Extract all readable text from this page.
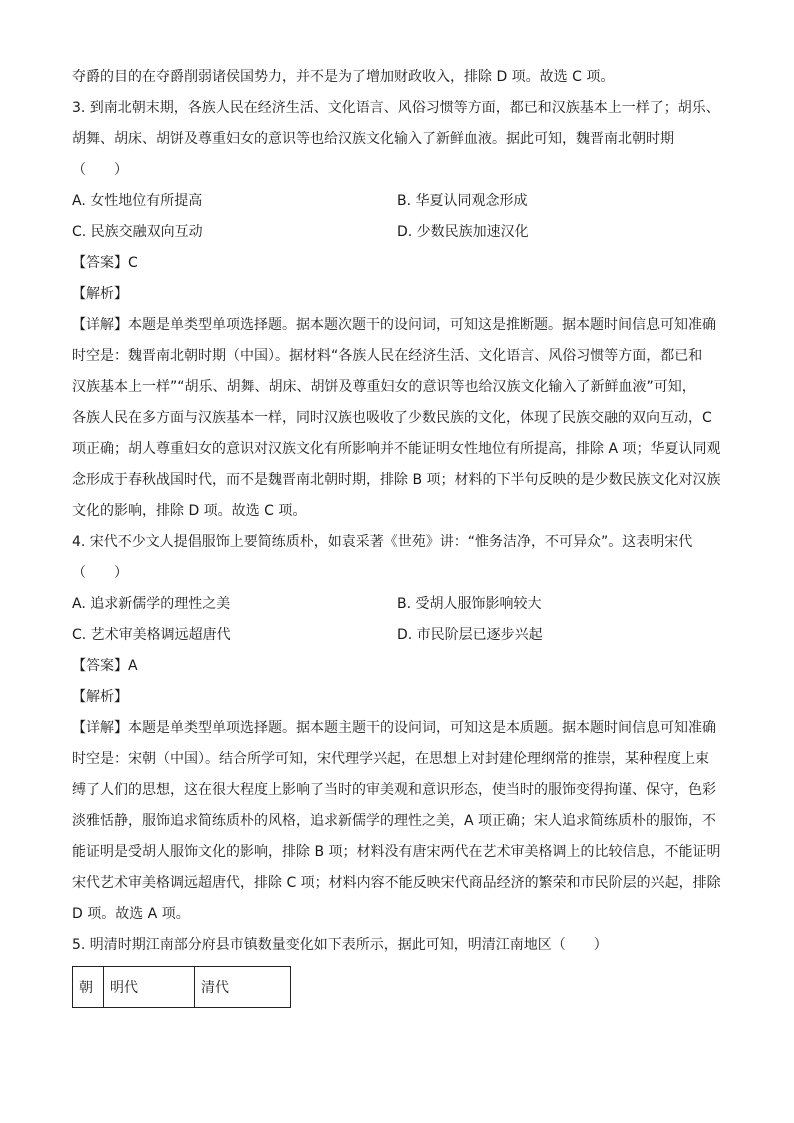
夺爵的目的在夺爵削弱诸侯国势力，并不是为了增加财政收入，排除 D 项。故选 C 项。
3. 到南北朝末期，各族人民在经济生活、文化语言、风俗习惯等方面，都已和汉族基本上一样了；胡乐、
胡舞、胡床、胡饼及尊重妇女的意识等也给汉族文化输入了新鲜血液。据此可知，魏晋南北朝时期
（　　）
A. 女性地位有所提高	B. 华夏认同观念形成
C. 民族交融双向互动	D. 少数民族加速汉化
【答案】C
【解析】
【详解】本题是单类型单项选择题。据本题次题干的设问词，可知这是推断题。据本题时间信息可知准确
时空是：魏晋南北朝时期（中国）。据材料“各族人民在经济生活、文化语言、风俗习惯等方面，都已和
汉族基本上一样”“胡乐、胡舞、胡床、胡饼及尊重妇女的意识等也给汉族文化输入了新鲜血液”可知，
各族人民在多方面与汉族基本一样，同时汉族也吸收了少数民族的文化，体现了民族交融的双向互动，C
项正确；胡人尊重妇女的意识对汉族文化有所影响并不能证明女性地位有所提高，排除 A 项；华夏认同观
念形成于春秋战国时代，而不是魏晋南北朝时期，排除 B 项；材料的下半句反映的是少数民族文化对汉族
文化的影响，排除 D 项。故选 C 项。
4. 宋代不少文人提倡服饰上要简练质朴，如袁采著《世苑》讲：“惟务洁净，不可异众”。这表明宋代
（　　）
A. 追求新儒学的理性之美	B. 受胡人服饰影响较大
C. 艺术审美格调远超唐代	D. 市民阶层已逐步兴起
【答案】A
【解析】
【详解】本题是单类型单项选择题。据本题主题干的设问词，可知这是本质题。据本题时间信息可知准确
时空是：宋朝（中国）。结合所学可知，宋代理学兴起，在思想上对封建伦理纲常的推崇，某种程度上束
缚了人们的思想，这在很大程度上影响了当时的审美观和意识形态，使当时的服饰变得拘谨、保守，色彩
淡雅恬静，服饰追求简练质朴的风格，追求新儒学的理性之美，A 项正确；宋人追求简练质朴的服饰，不
能证明是受胡人服饰文化的影响，排除 B 项；材料没有唐宋两代在艺术审美格调上的比较信息，不能证明
宋代艺术审美格调远超唐代，排除 C 项；材料内容不能反映宋代商品经济的繁荣和市民阶层的兴起，排除
D 项。故选 A 项。
5. 明清时期江南部分府县市镇数量变化如下表所示，据此可知，明清江南地区（　　）
朝	明代	清代
